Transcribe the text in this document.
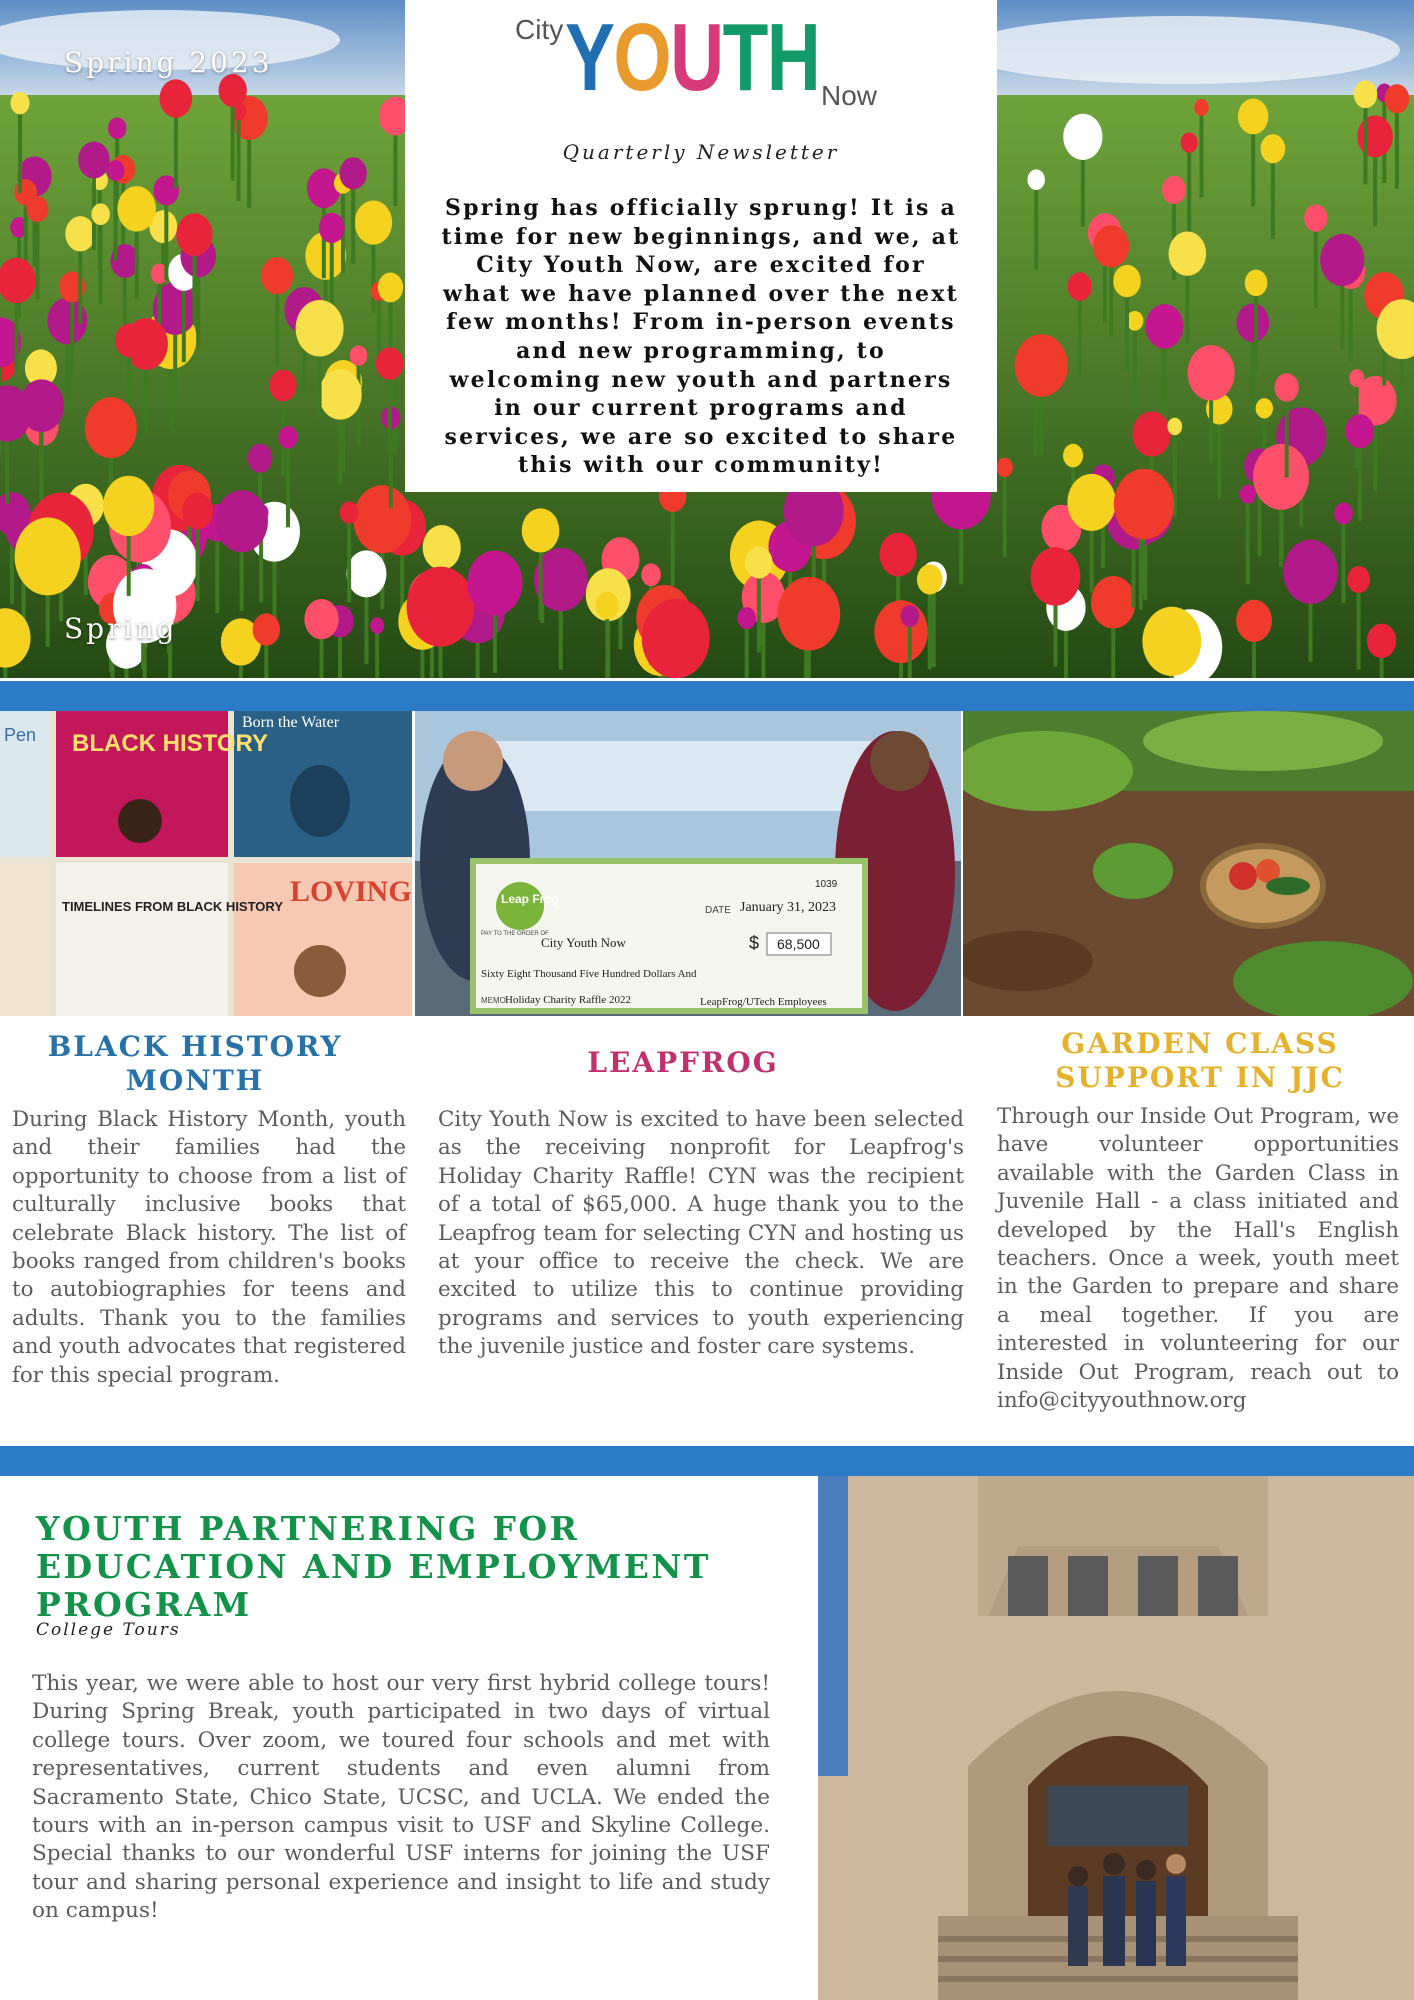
Spring 2023
Spring
City YOUTH Now
Quarterly Newsletter

Spring has officially sprung! It is a time for new beginnings, and we, at City Youth Now, are excited for what we have planned over the next few months! From in-person events and new programming, to welcoming new youth and partners in our current programs and services, we are so excited to share this with our community!

Pen BLACK HISTORY
Born the Water
TIMELINES FROM BLACK HISTORY LOVING	Leap Frog
1039
DATE January 31, 2023
PAY TO THE ORDER OF
City Youth Now	$ 68,500
Sixty Eight Thousand Five Hundred Dollars And
MEMO Holiday Charity Raffle 2022	LeapFrog/UTech Employees
BLACK HISTORY MONTH

During Black History Month, youth and their families had the opportunity to choose from a list of culturally inclusive books that celebrate Black history. The list of books ranged from children's books to autobiographies for teens and adults. Thank you to the families and youth advocates that registered for this special program.

LEAPFROG

City Youth Now is excited to have been selected as the receiving nonprofit for Leapfrog's Holiday Charity Raffle! CYN was the recipient of a total of $65,000. A huge thank you to the Leapfrog team for selecting CYN and hosting us at your office to receive the check. We are excited to utilize this to continue providing programs and services to youth experiencing the juvenile justice and foster care systems.

GARDEN CLASS SUPPORT IN JJC

Through our Inside Out Program, we have volunteer opportunities available with the Garden Class in Juvenile Hall - a class initiated and developed by the Hall's English teachers. Once a week, youth meet in the Garden to prepare and share a meal together. If you are interested in volunteering for our Inside Out Program, reach out to info@cityyouthnow.org

YOUTH PARTNERING FOR EDUCATION AND EMPLOYMENT PROGRAM
College Tours

This year, we were able to host our very first hybrid college tours! During Spring Break, youth participated in two days of virtual college tours. Over zoom, we toured four schools and met with representatives, current students and even alumni from Sacramento State, Chico State, UCSC, and UCLA. We ended the tours with an in-person campus visit to USF and Skyline College. Special thanks to our wonderful USF interns for joining the USF tour and sharing personal experience and insight to life and study on campus!
